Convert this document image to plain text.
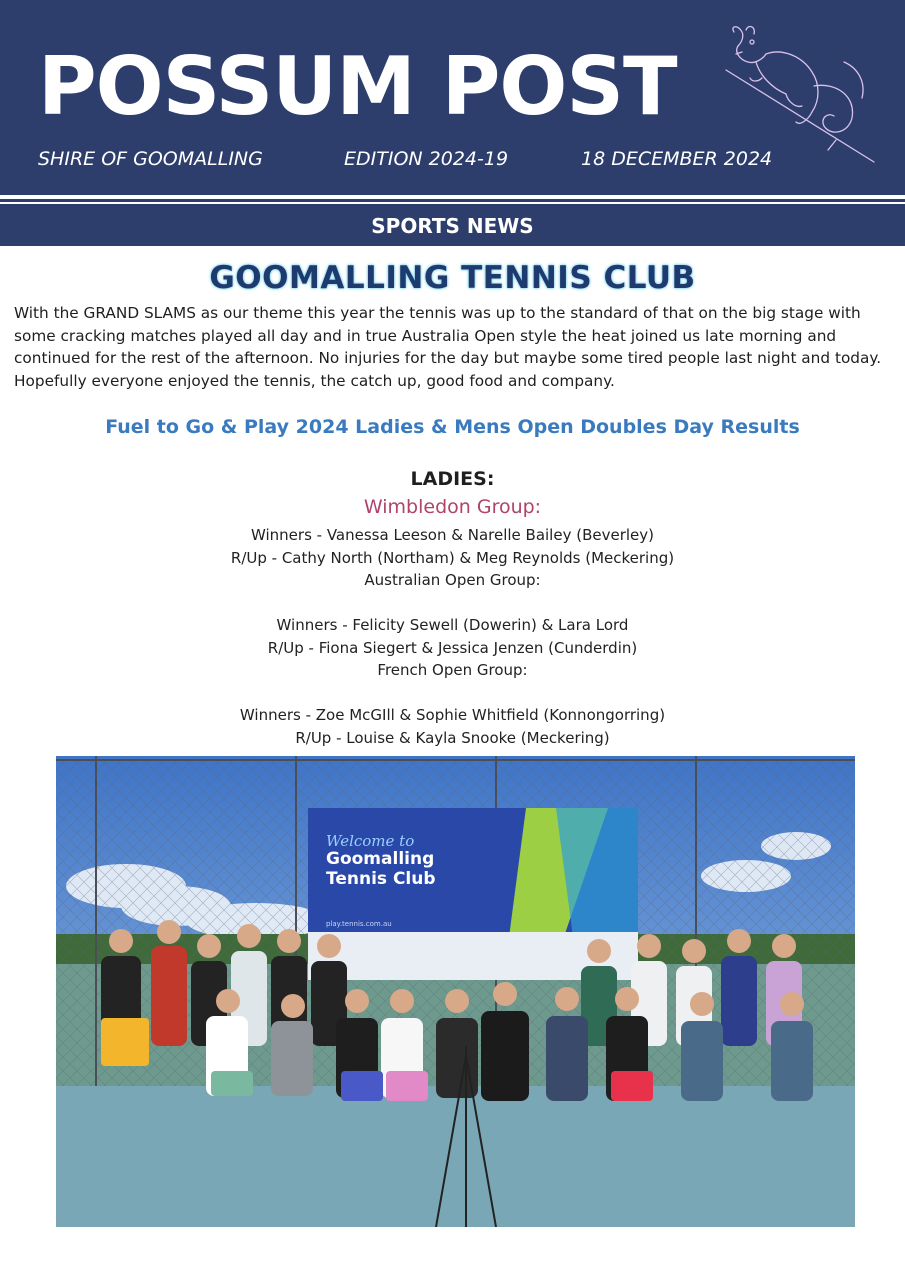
POSSUM POST
SHIRE OF GOOMALLING	EDITION 2024-19	18 DECEMBER 2024
SPORTS NEWS
GOOMALLING TENNIS CLUB

With the GRAND SLAMS as our theme this year the tennis was up to the standard of that on the big stage with some cracking matches played all day and in true Australia Open style the heat joined us late morning and continued for the rest of the afternoon. No injuries for the day but maybe some tired people last night and today. Hopefully everyone enjoyed the tennis, the catch up, good food and company.

Fuel to Go & Play 2024 Ladies & Mens Open Doubles Day Results
LADIES:
Wimbledon Group:
Winners - Vanessa Leeson & Narelle Bailey (Beverley)
R/Up - Cathy North (Northam) & Meg Reynolds (Meckering)
Australian Open Group:
Winners - Felicity Sewell (Dowerin) & Lara Lord
R/Up - Fiona Siegert & Jessica Jenzen (Cunderdin)
French Open Group:
Winners - Zoe McGIll & Sophie Whitfield (Konnongorring)
R/Up - Louise & Kayla Snooke (Meckering)
Welcome to
Goomalling
Tennis Club
play.tennis.com.au
